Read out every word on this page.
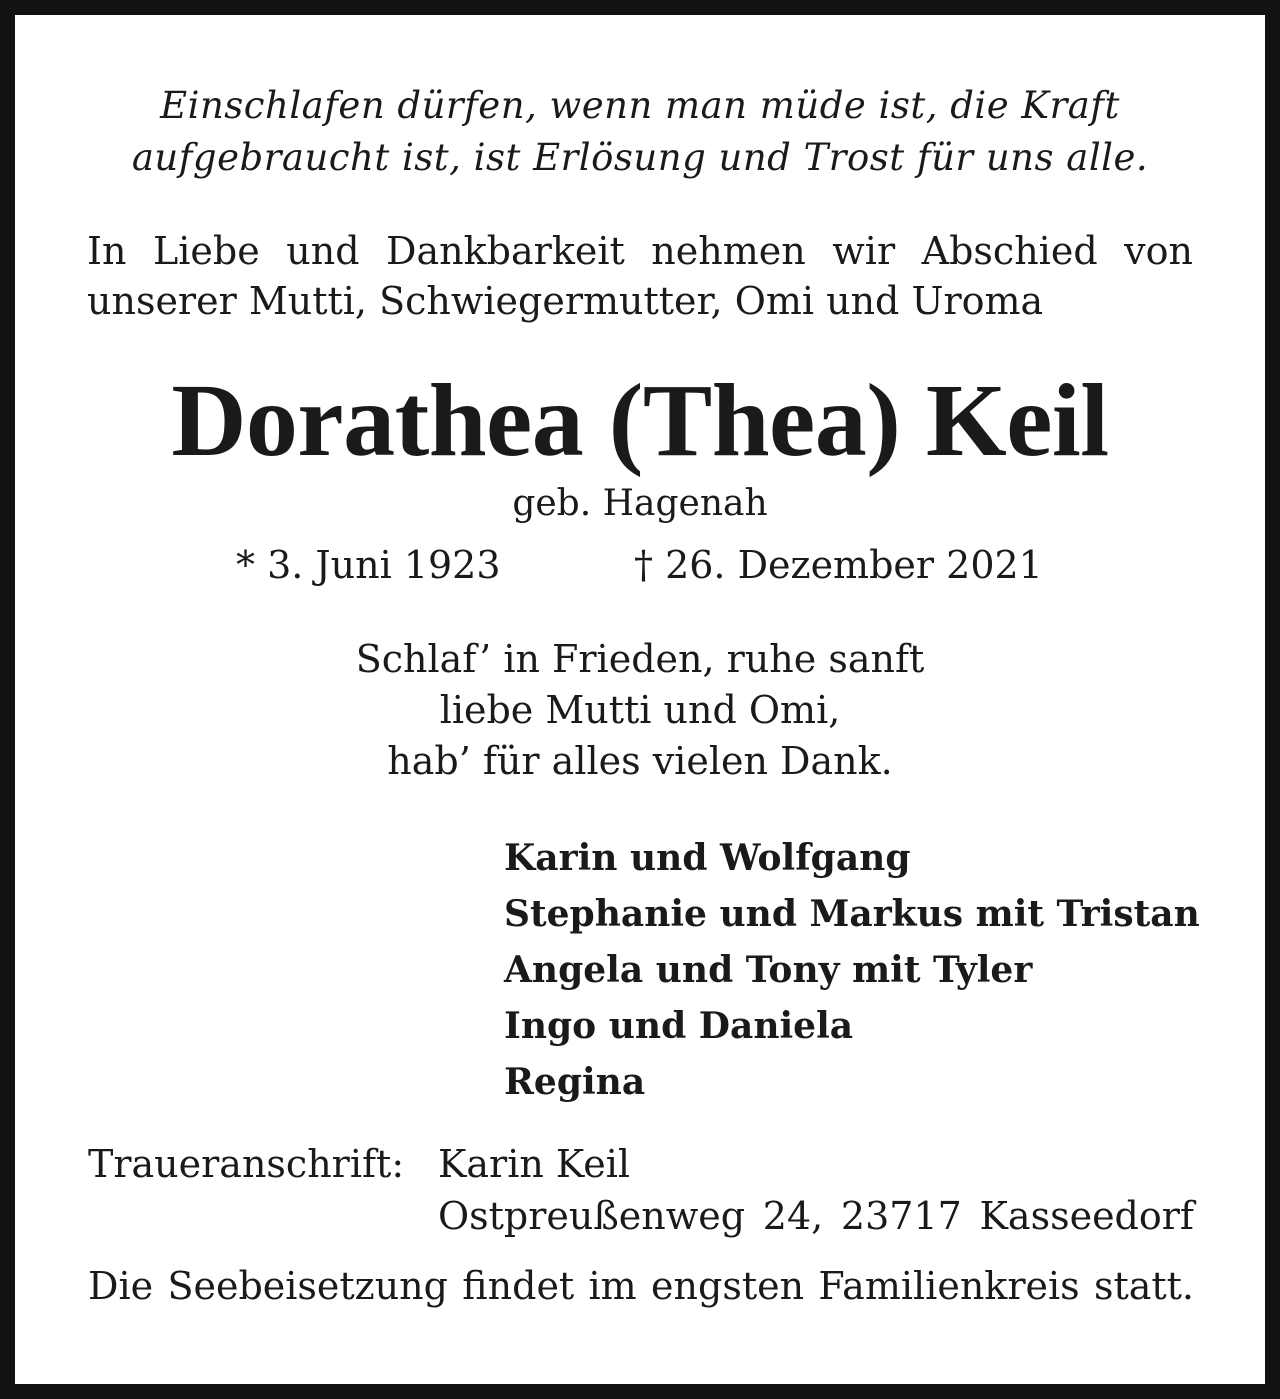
Einschlafen dürfen, wenn man müde ist, die Kraft
aufgebraucht ist, ist Erlösung und Trost für uns alle.
In Liebe und Dankbarkeit nehmen wir Abschied von
unserer Mutti, Schwiegermutter, Omi und Uroma
Dorathea (Thea) Keil
geb. Hagenah
* 3. Juni 1923	† 26. Dezember 2021
Schlaf’ in Frieden, ruhe sanft
liebe Mutti und Omi,
hab’ für alles vielen Dank.
Karin und Wolfgang
Stephanie und Markus mit Tristan
Angela und Tony mit Tyler
Ingo und Daniela
Regina
Traueranschrift: Karin Keil
Ostpreußenweg 24, 23717 Kasseedorf
Die Seebeisetzung findet im engsten Familienkreis statt.
